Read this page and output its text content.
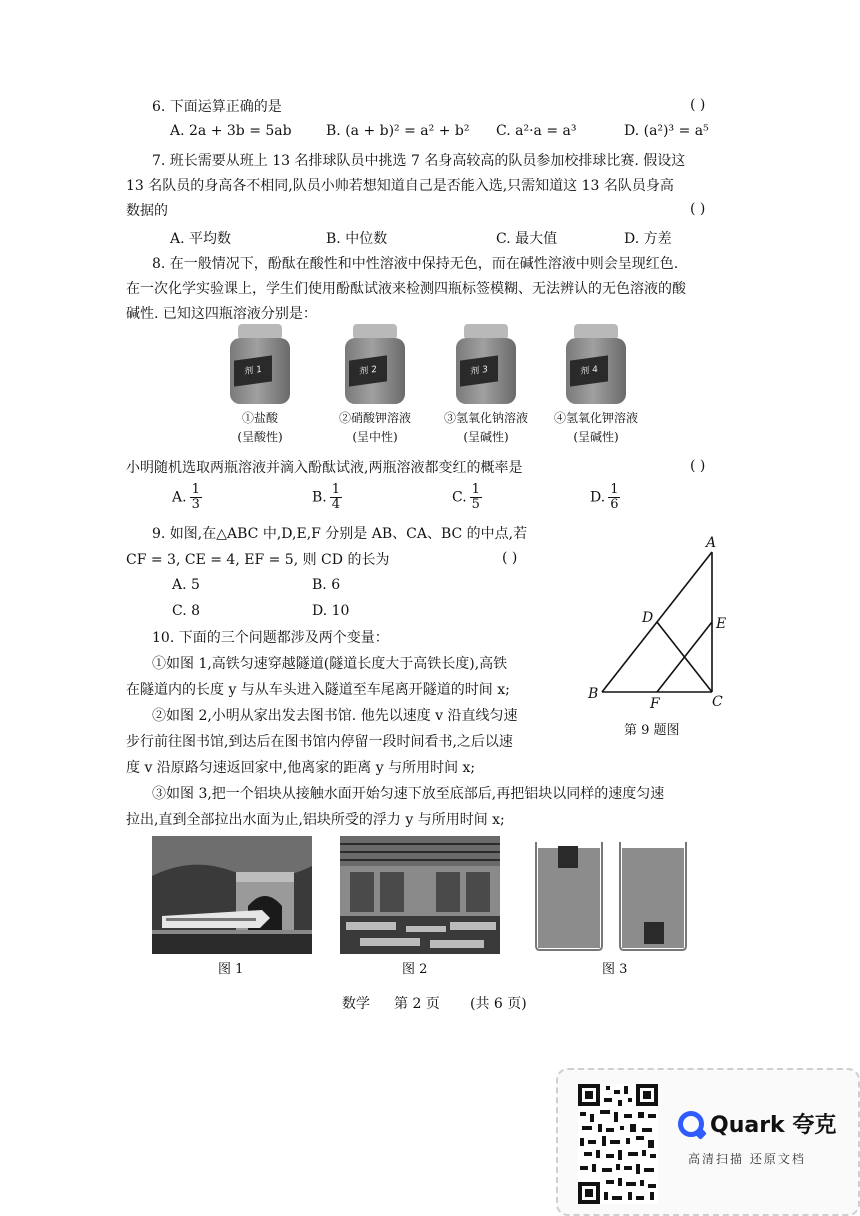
6. 下面运算正确的是	( )
A. 2a + 3b = 5ab B. (a + b)² = a² + b² C. a²·a = a³	D. (a²)³ = a⁵
7. 班长需要从班上 13 名排球队员中挑选 7 名身高较高的队员参加校排球比赛. 假设这
13 名队员的身高各不相同,队员小帅若想知道自己是否能入选,只需知道这 13 名队员身高
数据的	( )
A. 平均数	B. 中位数	C. 最大值	D. 方差
8. 在一般情况下，酚酞在酸性和中性溶液中保持无色，而在碱性溶液中则会呈现红色.
在一次化学实验课上，学生们使用酚酞试液来检测四瓶标签模糊、无法辨认的无色溶液的酸
碱性. 已知这四瓶溶液分别是：
剂 1	剂 2	剂 3	剂 4
①盐酸
(呈酸性)
②硝酸钾溶液
(呈中性)
③氢氧化钠溶液
(呈碱性)
④氢氧化钾溶液
(呈碱性)
小明随机选取两瓶溶液并滴入酚酞试液,两瓶溶液都变红的概率是	( )
A. $\frac{1}{3}$	B. $\frac{1}{4}$	C. $\frac{1}{5}$	D. $\frac{1}{6}$
9. 如图,在△ABC 中,D,E,F 分别是 AB、CA、BC 的中点,若
CF = 3, CE = 4, EF = 5, 则 CD 的长为	( )
A. 5	B. 6
C. 8	D. 10
A
B	C
D	E
F
第 9 题图
10. 下面的三个问题都涉及两个变量：
①如图 1,高铁匀速穿越隧道(隧道长度大于高铁长度),高铁
在隧道内的长度 y 与从车头进入隧道至车尾离开隧道的时间 x;
②如图 2,小明从家出发去图书馆. 他先以速度 v 沿直线匀速
步行前往图书馆,到达后在图书馆内停留一段时间看书,之后以速
度 v 沿原路匀速返回家中,他离家的距离 y 与所用时间 x;
③如图 3,把一个铝块从接触水面开始匀速下放至底部后,再把铝块以同样的速度匀速
拉出,直到全部拉出水面为止,铝块所受的浮力 y 与所用时间 x;
图 1	图 2	图 3
数学 第 2 页 (共 6 页)
Quark 夸克
高清扫描 还原文档
